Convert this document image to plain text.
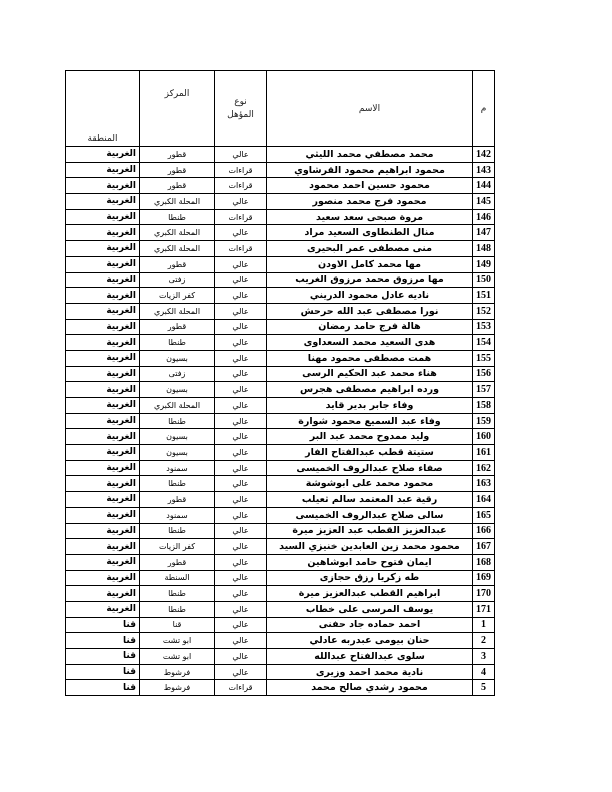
م	الاسم	نوع
المؤهل	المركز	المنطقة
142	محمد مصطفي محمد الليثي	عالي	قطور	الغربية
143	محمود ابراهيم محمود القرشاوي	قراءات	قطور	الغربية
144	محمود حسين احمد محمود	قراءات	قطور	الغربية
145	محمود فرج محمد منصور	عالي	المحلة الكبري	الغربية
146	مروة صبحى سعد سعيد	قراءات	طنطا	الغربية
147	منال الطنطاوى السعيد مراد	عالي	المحلة الكبري	الغربية
148	منى مصطفى عمر البحيرى	قراءات	المحلة الكبري	الغربية
149	مها محمد كامل الاودن	عالي	قطور	الغربية
150	مها مرزوق محمد مرزوق الغريب	عالي	زفتى	الغربية
151	ناديه عادل محمود الدريني	عالي	كفر الزيات	الغربية
152	نورا مصطفى عبد الله حرحش	عالي	المحلة الكبري	الغربية
153	هالة فرج حامد رمضان	عالي	قطور	الغربية
154	هدى السعيد محمد السعداوى	عالي	طنطا	الغربية
155	همت مصطفى محمود مهنا	عالي	بسيون	الغربية
156	هناء محمد عبد الحكيم الرسى	عالي	زفتى	الغربية
157	ورده ابراهيم مصطفى هجرس	عالي	بسيون	الغربية
158	وفاء جابر بدير قايد	عالي	المحلة الكبري	الغربية
159	وفاء عبد السميع محمود شوارة	عالي	طنطا	الغربية
160	وليد ممدوح محمد عبد البر	عالي	بسيون	الغربية
161	ستيتة قطب عبدالفتاح الفار	عالي	بسيون	الغربية
162	صفاء صلاح عبدالروف الخميسى	عالي	سمنود	الغربية
163	محمود محمد على ابوشوشة	عالي	طنطا	الغربية
164	رقية عبد المعتمد سالم ثعيلب	عالي	قطور	الغربية
165	سالى صلاح عبدالروف الخميسى	عالي	سمنود	الغربية
166	عبدالعزيز القطب عبد العزيز ميرة	عالي	طنطا	الغربية
167	محمود محمد زين العابدين خنيزي السيد	عالي	كفر الزيات	الغربية
168	ايمان فتوح حامد ابوشاهين	عالي	قطور	الغربية
169	طه زكريا رزق حجازى	عالي	السنطة	الغربية
170	ابراهيم القطب عبدالعزيز ميرة	عالي	طنطا	الغربية
171	يوسف المرسى على خطاب	عالي	طنطا	الغربية
1	احمد حماده جاد حفنى	عالي	قنا	قنا
2	حنان بيومى عبدربه عادلي	عالي	ابو تشت	قنا
3	سلوى عبدالفتاح عبدالله	عالي	ابو تشت	قنا
4	نادية محمد احمد وزيرى	عالي	فرشوط	قنا
5	محمود رشدي صالح محمد	قراءات	فرشوط	قنا
